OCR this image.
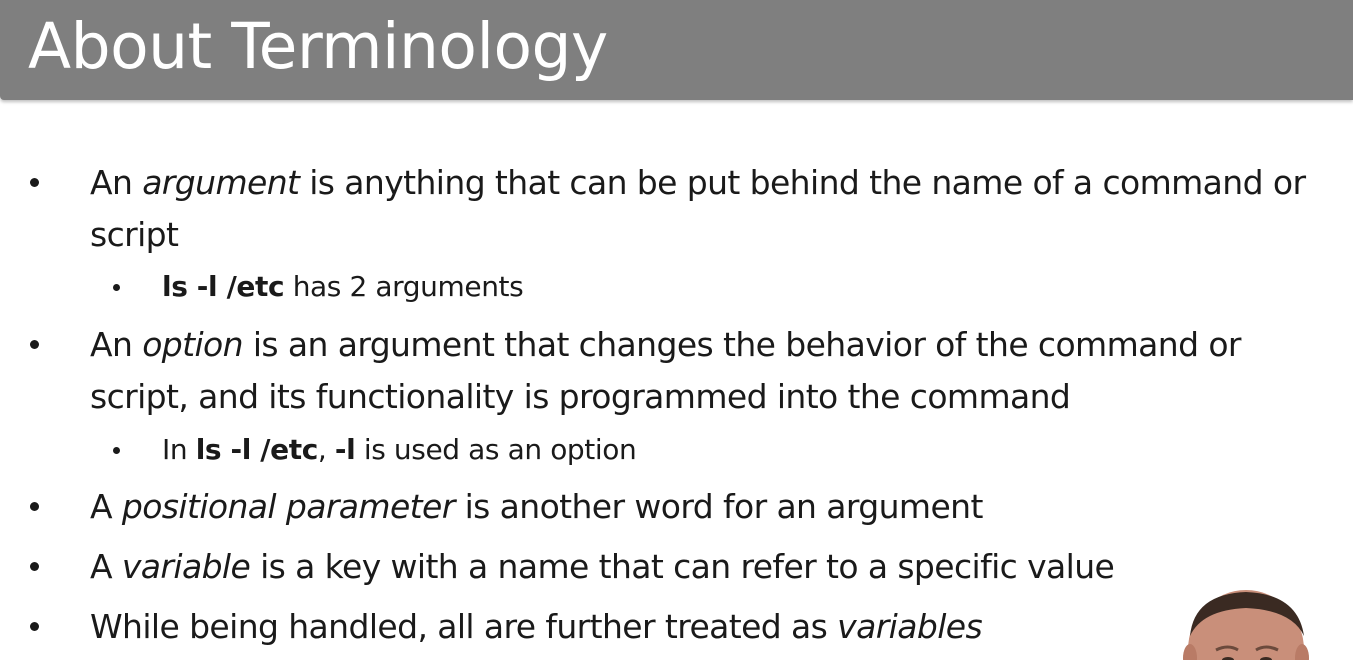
About Terminology
An argument is anything that can be put behind the name of a command or script
ls -l /etc has 2 arguments
An option is an argument that changes the behavior of the command or script, and its functionality is programmed into the command
In ls -l /etc, -l is used as an option
A positional parameter is another word for an argument
A variable is a key with a name that can refer to a specific value
While being handled, all are further treated as variables
